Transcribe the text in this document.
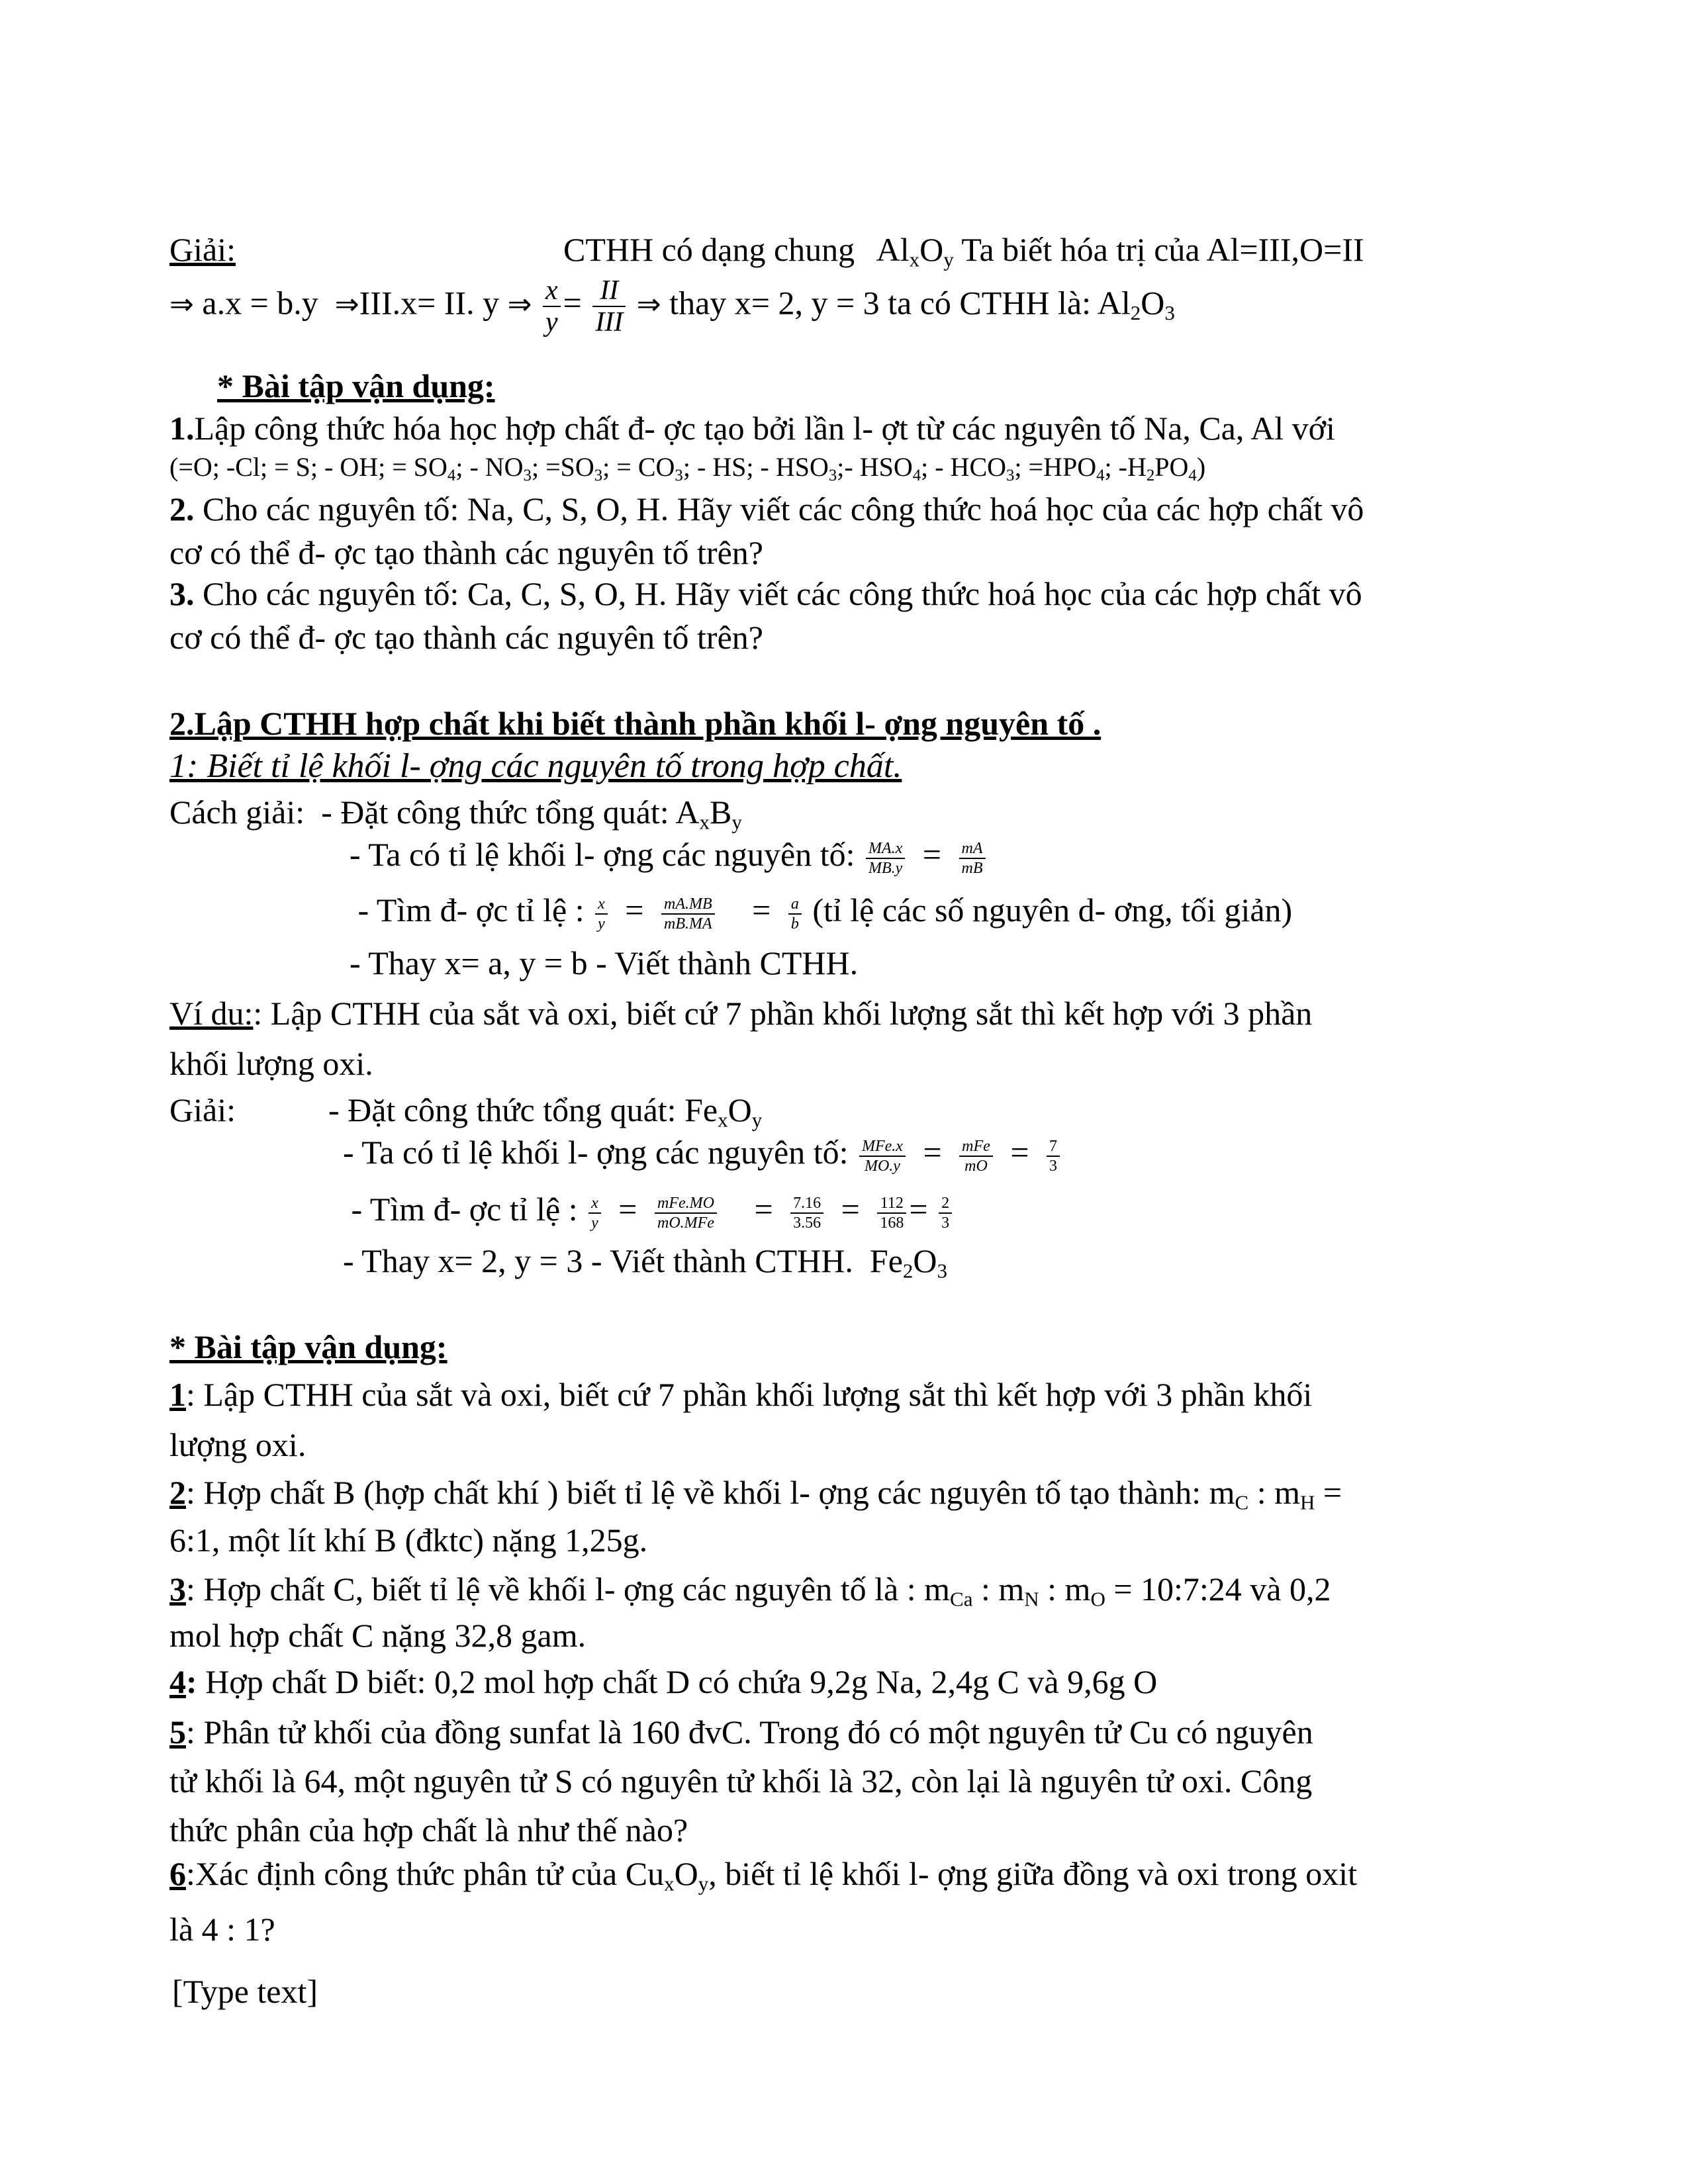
Giải:	CTHH có dạng chung $Al_xO_y$ Ta biết hóa trị của Al=III,O=II
⇒ a.x = b.y ⇒III.x= II. y ⇒ $\frac{x}{y} = \frac{II}{\text{III}}$ ⇒ thay x= 2, y = 3 ta có CTHH là: $Al_2O_3$
* Bài tập vận dụng:
1.Lập công thức hóa học hợp chất đ- ợc tạo bởi lần l- ợt từ các nguyên tố Na, Ca, Al với
(=O; -Cl; = S; - OH; = $SO_4$; - $NO_3$; $=SO_3$; = $CO_3$; - HS; - $HSO_3;-$ $HSO_4$; - $HCO_3$; $=HPO_4$; $-H_2PO_4$)
2. Cho các nguyên tố: Na, C, S, O, H. Hãy viết các công thức hoá học của các hợp chất vô
cơ có thể đ- ợc tạo thành các nguyên tố trên?
3. Cho các nguyên tố: Ca, C, S, O, H. Hãy viết các công thức hoá học của các hợp chất vô
cơ có thể đ- ợc tạo thành các nguyên tố trên?
2.Lập CTHH hợp chất khi biết thành phần khối l- ợng nguyên tố .
1: Biết tỉ lệ khối l- ợng các nguyên tố trong hợp chất.
Cách giải: - Đặt công thức tổng quát: $A_xB_y$
- Ta có tỉ lệ khối l- ợng các nguyên tố: $\frac{MA.x}{MB.y} = \frac{mA}{mB}$
- Tìm đ- ợc tỉ lệ : $\frac{x}{y} = \frac{mA.MB}{mB.MA} = \frac{a}{b}$ (tỉ lệ các số nguyên d- ơng, tối giản)
- Thay x= a, y = b - Viết thành CTHH.
Ví du:: Lập CTHH của sắt và oxi, biết cứ 7 phần khối lượng sắt thì kết hợp với 3 phần
khối lượng oxi.
Giải:	- Đặt công thức tổng quát: $Fe_xO_y$
- Ta có tỉ lệ khối l- ợng các nguyên tố: $\frac{\text{MFe.x}}{MO.y} = \frac{\text{mFe}}{mO} = \frac{7}{3}$
- Tìm đ- ợc tỉ lệ : $\frac{x}{y} = \frac{\text{mFe.MO}}{\text{mO.MFe}} = \frac{7.16}{3.56} = \frac{112}{168} = \frac{2}{3}$
- Thay x= 2, y = 3 - Viết thành CTHH. $Fe_2O_3$
* Bài tập vận dụng:
1: Lập CTHH của sắt và oxi, biết cứ 7 phần khối lượng sắt thì kết hợp với 3 phần khối
lượng oxi.
2: Hợp chất B (hợp chất khí ) biết tỉ lệ về khối l- ợng các nguyên tố tạo thành: $m_C$ : $m_H$ =
6:1, một lít khí B (đktc) nặng 1,25g.
3: Hợp chất C, biết tỉ lệ về khối l- ợng các nguyên tố là : $m_{Ca}$ : $m_N$ : $m_O$ = 10:7:24 và 0,2
mol hợp chất C nặng 32,8 gam.
4: Hợp chất D biết: 0,2 mol hợp chất D có chứa 9,2g Na, 2,4g C và 9,6g O
5: Phân tử khối của đồng sunfat là 160 đvC. Trong đó có một nguyên tử Cu có nguyên
tử khối là 64, một nguyên tử S có nguyên tử khối là 32, còn lại là nguyên tử oxi. Công
thức phân của hợp chất là như thế nào?
6:Xác định công thức phân tử của $Cu_xO_y$, biết tỉ lệ khối l- ợng giữa đồng và oxi trong oxit
là 4 : 1?
[Type text]
